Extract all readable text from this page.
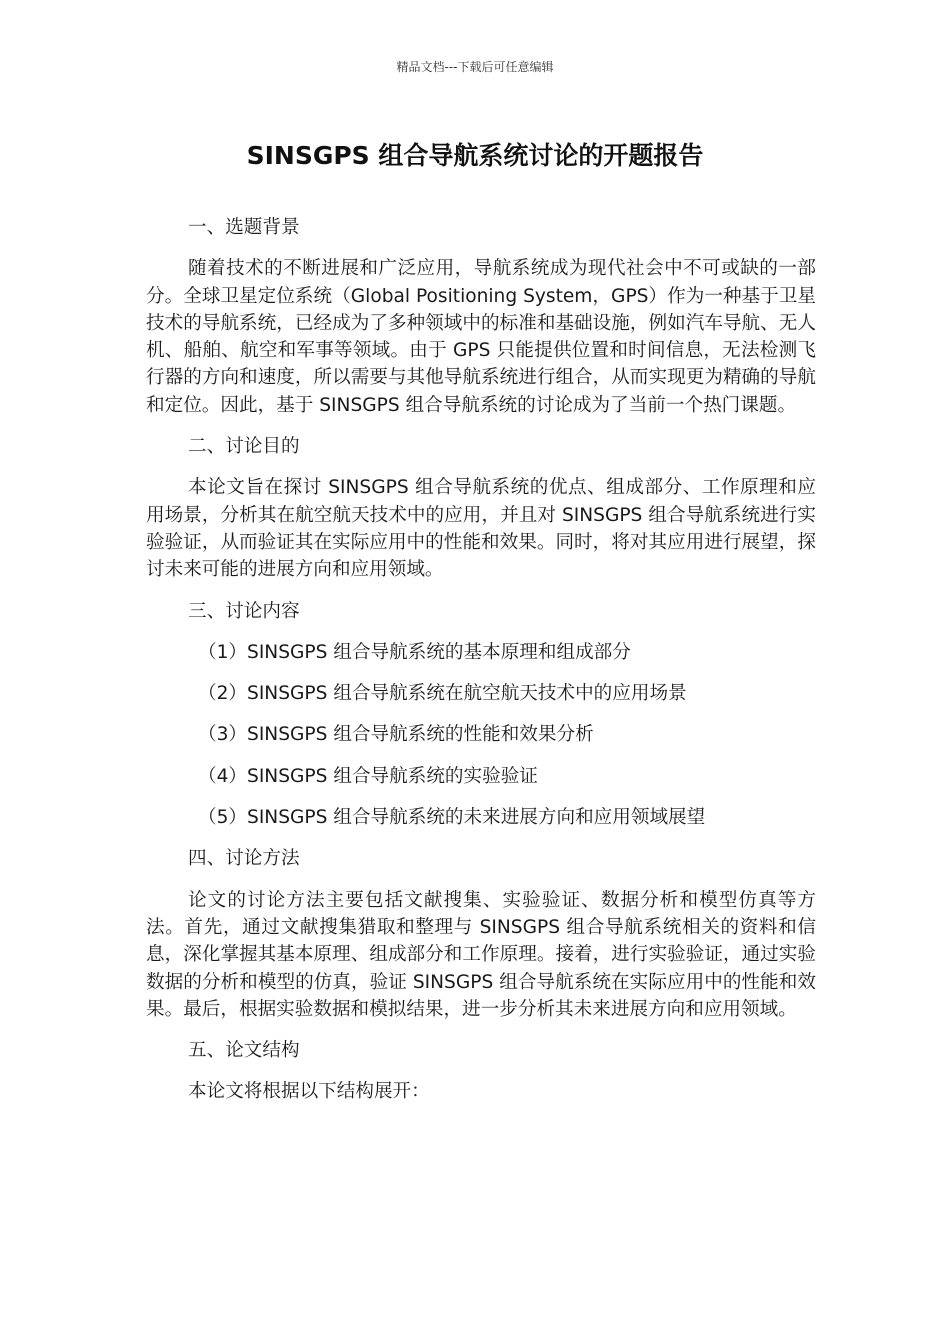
精品文档---下载后可任意编辑
SINSGPS 组合导航系统讨论的开题报告
一、选题背景
随着技术的不断进展和广泛应用，导航系统成为现代社会中不可或缺的一部分。全球卫星定位系统（Global Positioning System，GPS）作为一种基于卫星技术的导航系统，已经成为了多种领域中的标准和基础设施，例如汽车导航、无人机、船舶、航空和军事等领域。由于 GPS 只能提供位置和时间信息，无法检测飞行器的方向和速度，所以需要与其他导航系统进行组合，从而实现更为精确的导航和定位。因此，基于 SINSGPS 组合导航系统的讨论成为了当前一个热门课题。
二、讨论目的
本论文旨在探讨 SINSGPS 组合导航系统的优点、组成部分、工作原理和应用场景，分析其在航空航天技术中的应用，并且对 SINSGPS 组合导航系统进行实验验证，从而验证其在实际应用中的性能和效果。同时，将对其应用进行展望，探讨未来可能的进展方向和应用领域。
三、讨论内容
（1）SINSGPS 组合导航系统的基本原理和组成部分
（2）SINSGPS 组合导航系统在航空航天技术中的应用场景
（3）SINSGPS 组合导航系统的性能和效果分析
（4）SINSGPS 组合导航系统的实验验证
（5）SINSGPS 组合导航系统的未来进展方向和应用领域展望
四、讨论方法
论文的讨论方法主要包括文献搜集、实验验证、数据分析和模型仿真等方法。首先，通过文献搜集猎取和整理与 SINSGPS 组合导航系统相关的资料和信息，深化掌握其基本原理、组成部分和工作原理。接着，进行实验验证，通过实验数据的分析和模型的仿真，验证 SINSGPS 组合导航系统在实际应用中的性能和效果。最后，根据实验数据和模拟结果，进一步分析其未来进展方向和应用领域。
五、论文结构
本论文将根据以下结构展开：
